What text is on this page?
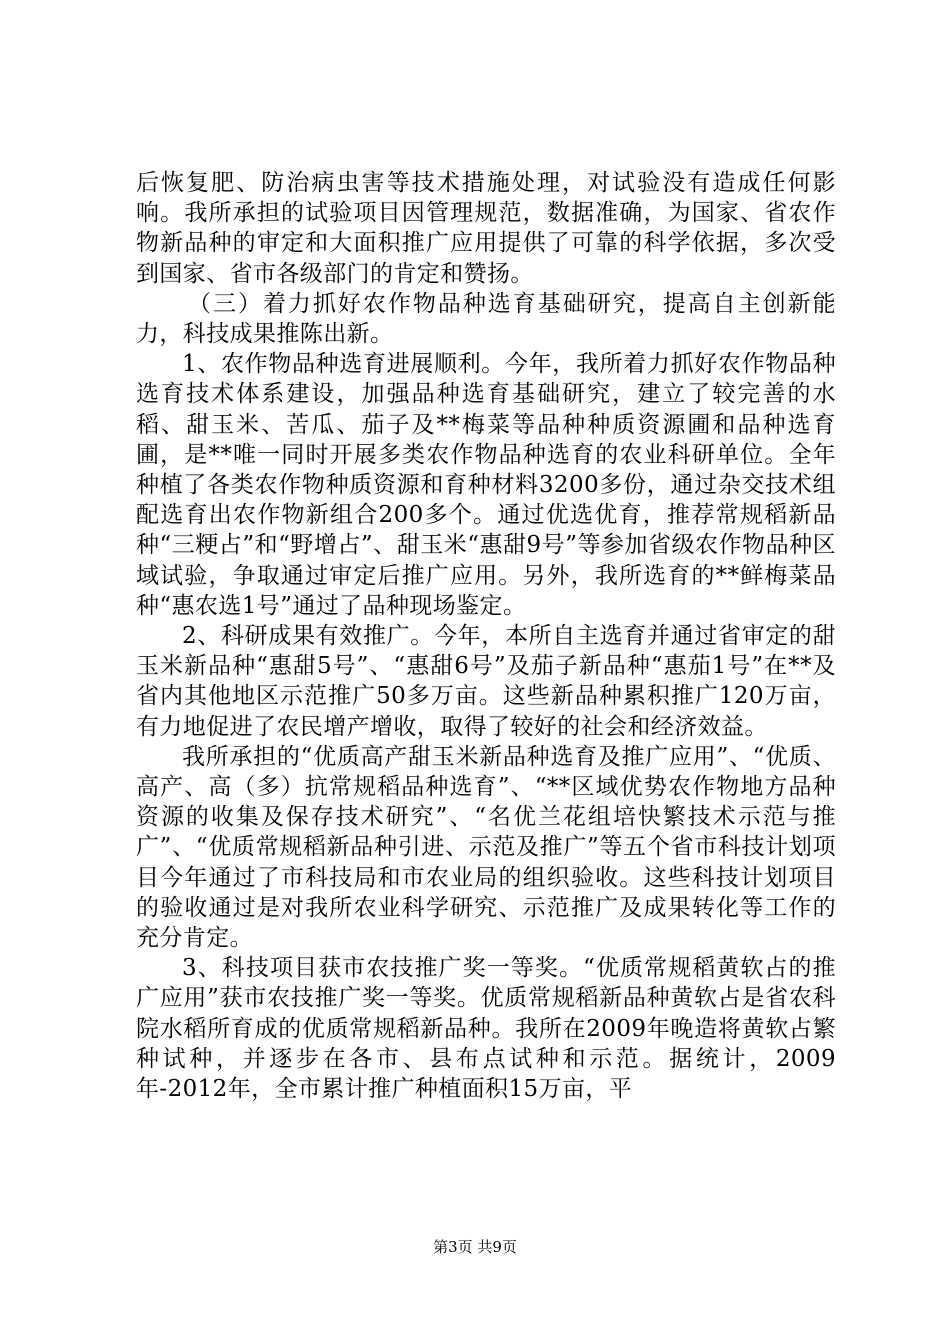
后恢复肥、防治病虫害等技术措施处理，对试验没有造成任何影响。我所承担的试验项目因管理规范，数据准确，为国家、省农作物新品种的审定和大面积推广应用提供了可靠的科学依据，多次受到国家、省市各级部门的肯定和赞扬。

（三）着力抓好农作物品种选育基础研究，提高自主创新能力，科技成果推陈出新。

1、农作物品种选育进展顺利。今年，我所着力抓好农作物品种选育技术体系建设，加强品种选育基础研究，建立了较完善的水稻、甜玉米、苦瓜、茄子及**梅菜等品种种质资源圃和品种选育圃，是**唯一同时开展多类农作物品种选育的农业科研单位。全年种植了各类农作物种质资源和育种材料3200多份，通过杂交技术组配选育出农作物新组合200多个。通过优选优育，推荐常规稻新品种“三粳占”和“野增占”、甜玉米“惠甜9号”等参加省级农作物品种区域试验，争取通过审定后推广应用。另外，我所选育的**鲜梅菜品种“惠农选1号”通过了品种现场鉴定。

2、科研成果有效推广。今年，本所自主选育并通过省审定的甜玉米新品种“惠甜5号”、“惠甜6号”及茄子新品种“惠茄1号”在**及省内其他地区示范推广50多万亩。这些新品种累积推广120万亩，有力地促进了农民增产增收，取得了较好的社会和经济效益。

我所承担的“优质高产甜玉米新品种选育及推广应用”、“优质、高产、高（多）抗常规稻品种选育”、“**区域优势农作物地方品种资源的收集及保存技术研究”、“名优兰花组培快繁技术示范与推广”、“优质常规稻新品种引进、示范及推广”等五个省市科技计划项目今年通过了市科技局和市农业局的组织验收。这些科技计划项目的验收通过是对我所农业科学研究、示范推广及成果转化等工作的充分肯定。

3、科技项目获市农技推广奖一等奖。“优质常规稻黄软占的推广应用”获市农技推广奖一等奖。优质常规稻新品种黄软占是省农科院水稻所育成的优质常规稻新品种。我所在2009年晚造将黄软占繁种试种，并逐步在各市、县布点试种和示范。据统计，2009年-2012年，全市累计推广种植面积15万亩，平

第3页 共9页
